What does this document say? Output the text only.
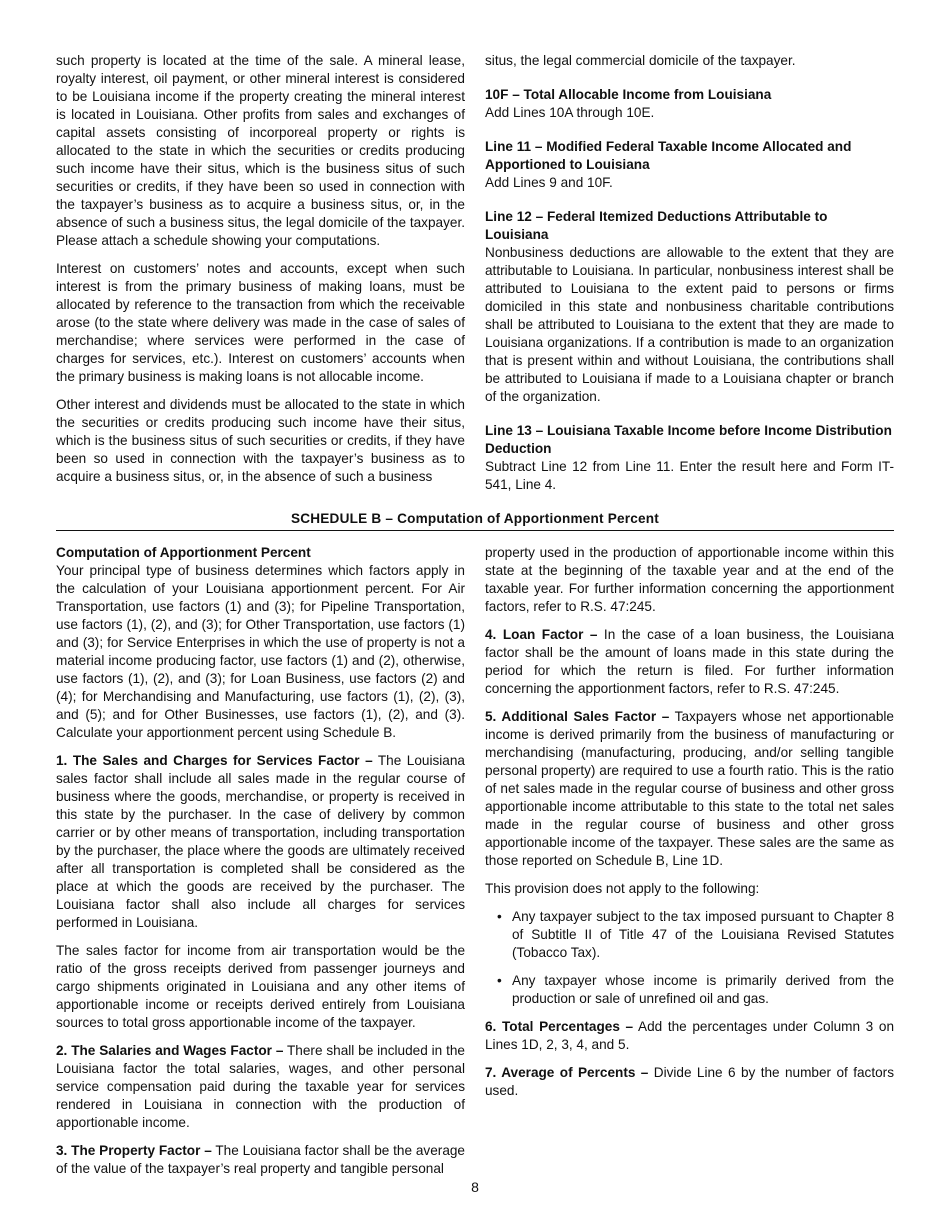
such property is located at the time of the sale. A mineral lease, royalty interest, oil payment, or other mineral interest is considered to be Louisiana income if the property creating the mineral interest is located in Louisiana. Other profits from sales and exchanges of capital assets consisting of incorporeal property or rights is allocated to the state in which the securities or credits producing such income have their situs, which is the business situs of such securities or credits, if they have been so used in connection with the taxpayer’s business as to acquire a business situs, or, in the absence of such a business situs, the legal domicile of the taxpayer. Please attach a schedule showing your computations.

Interest on customers’ notes and accounts, except when such interest is from the primary business of making loans, must be allocated by reference to the transaction from which the receivable arose (to the state where delivery was made in the case of sales of merchandise; where services were performed in the case of charges for services, etc.). Interest on customers’ accounts when the primary business is making loans is not allocable income.

Other interest and dividends must be allocated to the state in which the securities or credits producing such income have their situs, which is the business situs of such securities or credits, if they have been so used in connection with the taxpayer’s business as to acquire a business situs, or, in the absence of such a business

situs, the legal commercial domicile of the taxpayer.

10F – Total Allocable Income from Louisiana

Add Lines 10A through 10E.

Line 11 – Modified Federal Taxable Income Allocated and Apportioned to Louisiana

Add Lines 9 and 10F.

Line 12 – Federal Itemized Deductions Attributable to Louisiana

Nonbusiness deductions are allowable to the extent that they are attributable to Louisiana. In particular, nonbusiness interest shall be attributed to Louisiana to the extent paid to persons or firms domiciled in this state and nonbusiness charitable contributions shall be attributed to Louisiana to the extent that they are made to Louisiana organizations. If a contribution is made to an organization that is present within and without Louisiana, the contributions shall be attributed to Louisiana if made to a Louisiana chapter or branch of the organization.

Line 13 – Louisiana Taxable Income before Income Distribution Deduction

Subtract Line 12 from Line 11. Enter the result here and Form IT-541, Line 4.

SCHEDULE B – Computation of Apportionment Percent
Computation of Apportionment Percent

Your principal type of business determines which factors apply in the calculation of your Louisiana apportionment percent. For Air Transportation, use factors (1) and (3); for Pipeline Transportation, use factors (1), (2), and (3); for Other Transportation, use factors (1) and (3); for Service Enterprises in which the use of property is not a material income producing factor, use factors (1) and (2), otherwise, use factors (1), (2), and (3); for Loan Business, use factors (2) and (4); for Merchandising and Manufacturing, use factors (1), (2), (3), and (5); and for Other Businesses, use factors (1), (2), and (3). Calculate your apportionment percent using Schedule B.

1. The Sales and Charges for Services Factor – The Louisiana sales factor shall include all sales made in the regular course of business where the goods, merchandise, or property is received in this state by the purchaser. In the case of delivery by common carrier or by other means of transportation, including transportation by the purchaser, the place where the goods are ultimately received after all transportation is completed shall be considered as the place at which the goods are received by the purchaser. The Louisiana factor shall also include all charges for services performed in Louisiana.

The sales factor for income from air transportation would be the ratio of the gross receipts derived from passenger journeys and cargo shipments originated in Louisiana and any other items of apportionable income or receipts derived entirely from Louisiana sources to total gross apportionable income of the taxpayer.

2. The Salaries and Wages Factor – There shall be included in the Louisiana factor the total salaries, wages, and other personal service compensation paid during the taxable year for services rendered in Louisiana in connection with the production of apportionable income.

3. The Property Factor – The Louisiana factor shall be the average of the value of the taxpayer’s real property and tangible personal

property used in the production of apportionable income within this state at the beginning of the taxable year and at the end of the taxable year. For further information concerning the apportionment factors, refer to R.S. 47:245.

4. Loan Factor – In the case of a loan business, the Louisiana factor shall be the amount of loans made in this state during the period for which the return is filed. For further information concerning the apportionment factors, refer to R.S. 47:245.

5. Additional Sales Factor – Taxpayers whose net apportionable income is derived primarily from the business of manufacturing or merchandising (manufacturing, producing, and/or selling tangible personal property) are required to use a fourth ratio. This is the ratio of net sales made in the regular course of business and other gross apportionable income attributable to this state to the total net sales made in the regular course of business and other gross apportionable income of the taxpayer. These sales are the same as those reported on Schedule B, Line 1D.

This provision does not apply to the following:

• Any taxpayer subject to the tax imposed pursuant to Chapter 8 of Subtitle II of Title 47 of the Louisiana Revised Statutes (Tobacco Tax).
• Any taxpayer whose income is primarily derived from the production or sale of unrefined oil and gas.

6. Total Percentages – Add the percentages under Column 3 on Lines 1D, 2, 3, 4, and 5.

7. Average of Percents – Divide Line 6 by the number of factors used.

8
